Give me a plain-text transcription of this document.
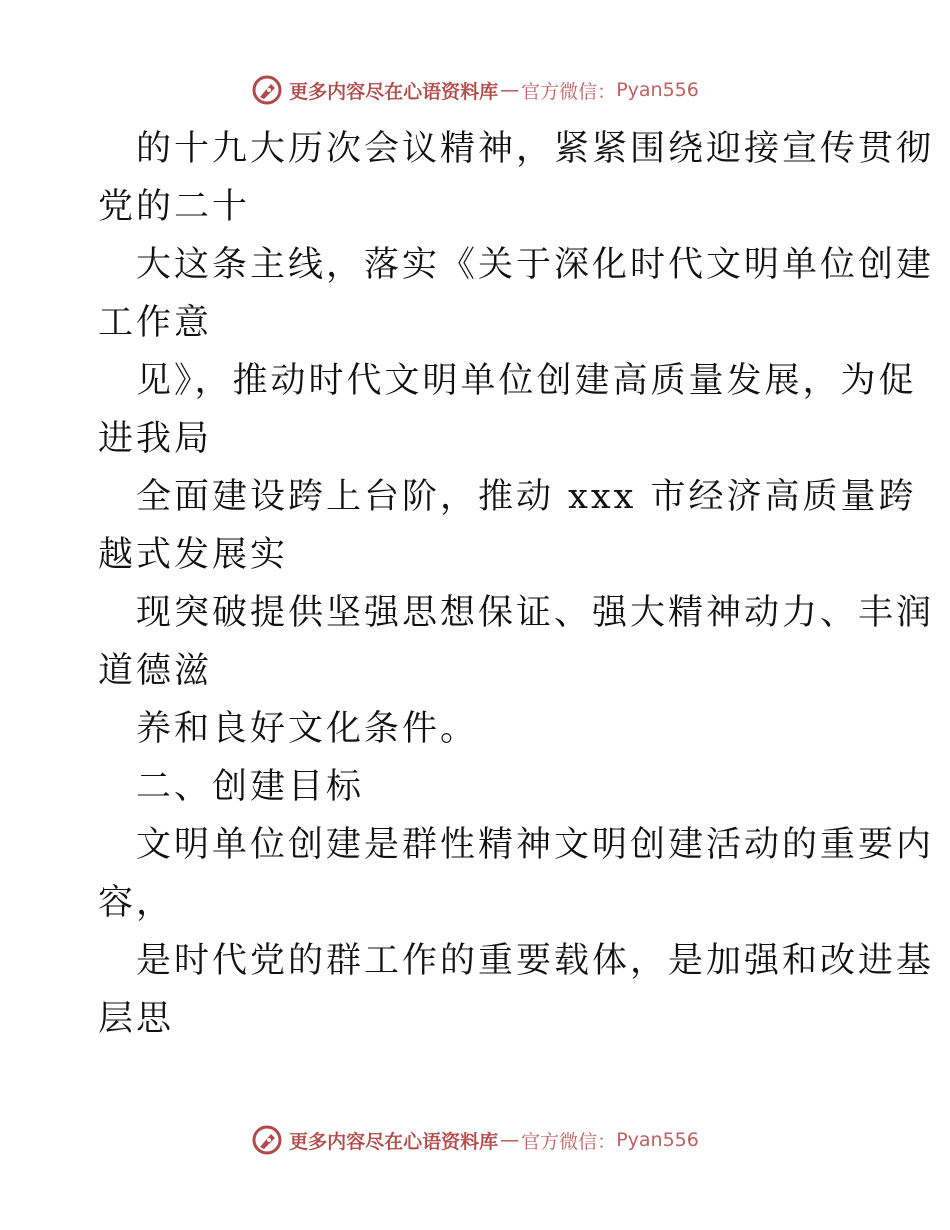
更多内容尽在心语资料库 — 官方微信： Pyan556
的十九大历次会议精神，紧紧围绕迎接宣传贯彻
党的二十
大这条主线，落实《关于深化时代文明单位创建
工作意
见》，推动时代文明单位创建高质量发展，为促
进我局
全面建设跨上台阶，推动 xxx 市经济高质量跨
越式发展实
现突破提供坚强思想保证、强大精神动力、丰润
道德滋
养和良好文化条件。
二、创建目标
文明单位创建是群性精神文明创建活动的重要内
容，
是时代党的群工作的重要载体，是加强和改进基
层思
更多内容尽在心语资料库 — 官方微信： Pyan556
